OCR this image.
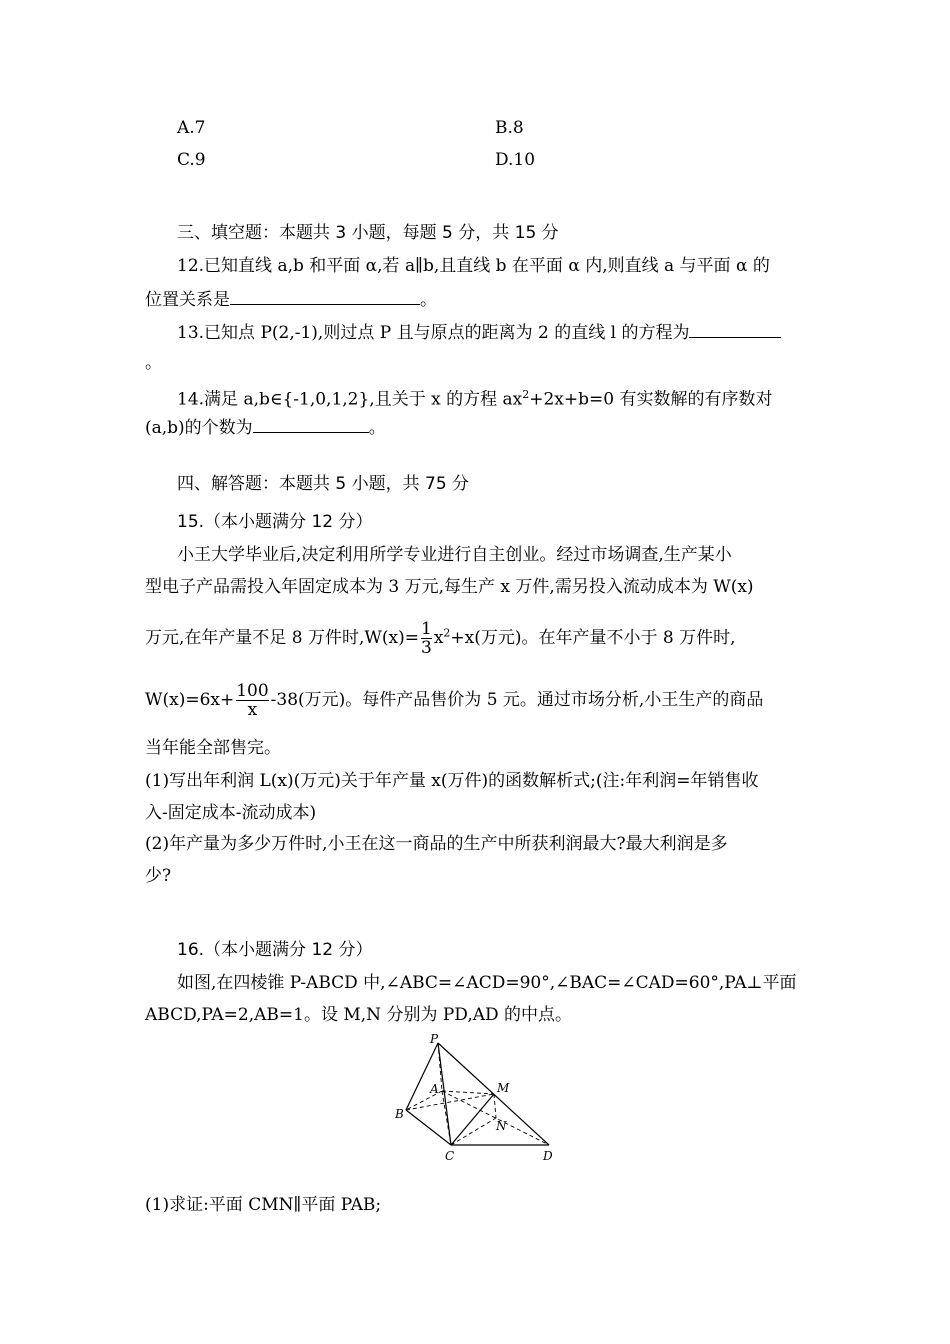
A.7	B.8
C.9	D.10
三、填空题：本题共 3 小题，每题 5 分，共 15 分
12.已知直线 a,b 和平面 α,若 a∥b,且直线 b 在平面 α 内,则直线 a 与平面 α 的
位置关系是	。
13.已知点 P(2,-1),则过点 P 且与原点的距离为 2 的直线 l 的方程为
。
14.满足 a,b∈{-1,0,1,2},且关于 x 的方程 $ax^2+2x+b=0$ 有实数解的有序数对
(a,b)的个数为	。
四、解答题：本题共 5 小题，共 75 分
15.（本小题满分 12 分）
小王大学毕业后,决定利用所学专业进行自主创业。经过市场调查,生产某小
型电子产品需投入年固定成本为 3 万元,每生产 x 万件,需另投入流动成本为 W(x)
万元,在年产量不足 8 万件时$,W(x)= \frac{1}{3} x^2+x$(万元)。在年产量不小于 8 万件时,
$W(x)=6x+ \frac{100}{x} -38$(万元)。每件产品售价为 5 元。通过市场分析,小王生产的商品
当年能全部售完。
(1)写出年利润 L(x)(万元)关于年产量 x(万件)的函数解析式;(注:年利润=年销售收
入-固定成本-流动成本)
(2)年产量为多少万件时,小王在这一商品的生产中所获利润最大?最大利润是多
少?
16.（本小题满分 12 分）
如图,在四棱锥 P-ABCD 中,∠ABC=∠ACD=90°,∠BAC=∠CAD=60°,PA⊥平面
ABCD,PA=2,AB=1。设 M,N 分别为 PD,AD 的中点。
P
A
B
C	D
M
N
(1)求证:平面 CMN∥平面 PAB;
